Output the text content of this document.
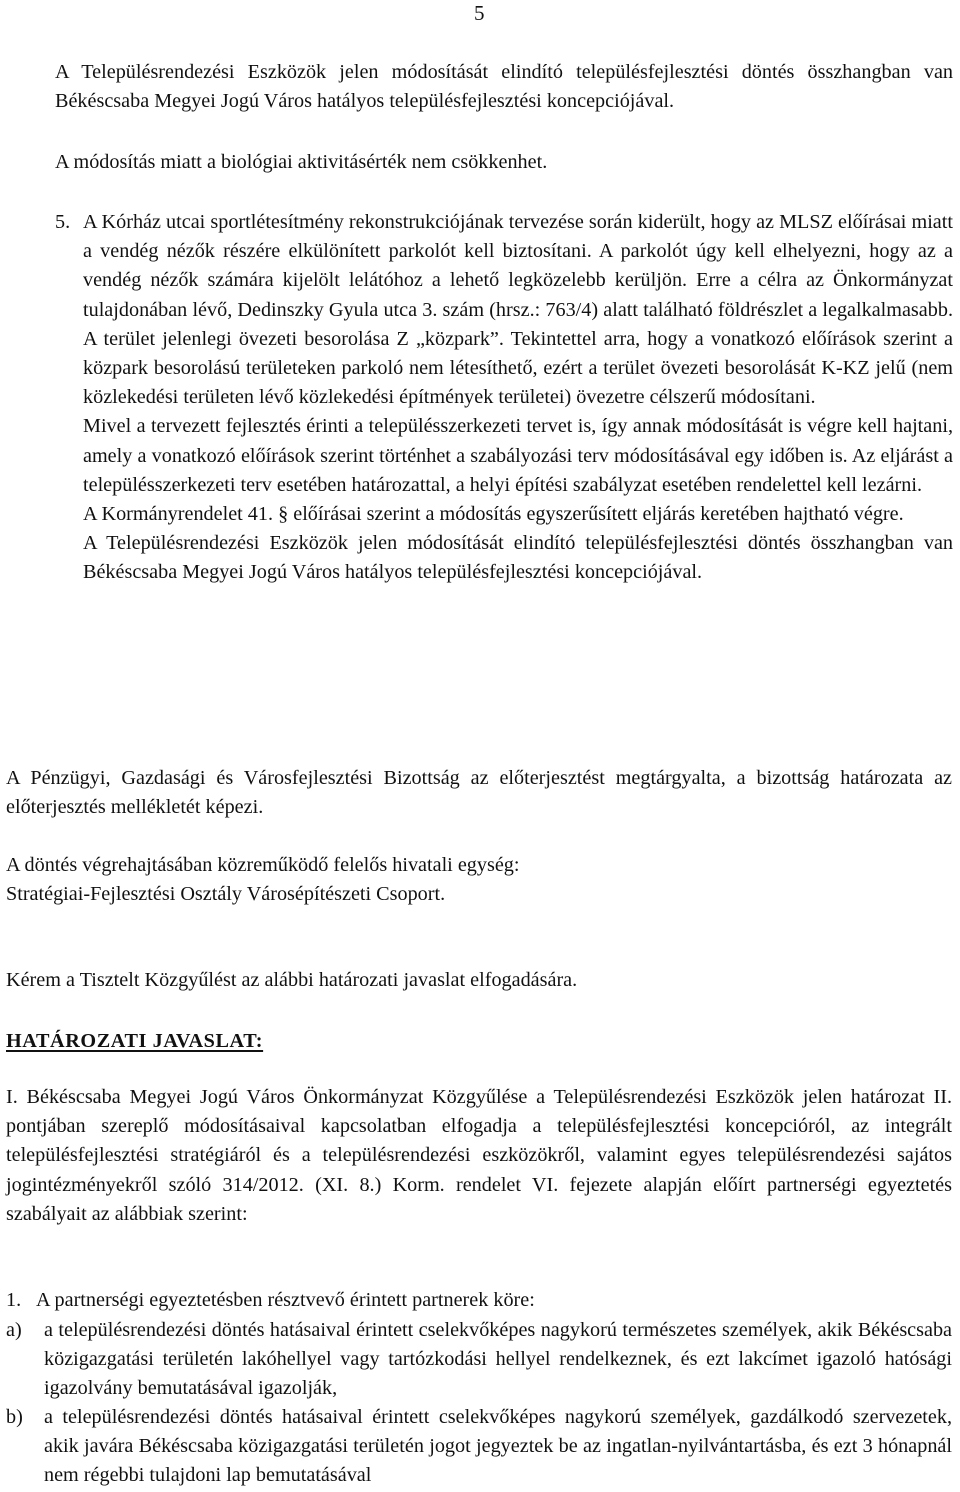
5

A Településrendezési Eszközök jelen módosítását elindító településfejlesztési döntés összhangban van Békéscsaba Megyei Jogú Város hatályos településfejlesztési koncepciójával.

A módosítás miatt a biológiai aktivitásérték nem csökkenhet.

5. A Kórház utcai sportlétesítmény rekonstrukciójának tervezése során kiderült, hogy az MLSZ előírásai miatt a vendég nézők részére elkülönített parkolót kell biztosítani. A parkolót úgy kell elhelyezni, hogy az a vendég nézők számára kijelölt lelátóhoz a lehető legközelebb kerüljön. Erre a célra az Önkormányzat tulajdonában lévő, Dedinszky Gyula utca 3. szám (hrsz.: 763/4) alatt található földrészlet a legalkalmasabb. A terület jelenlegi övezeti besorolása Z „közpark”. Tekintettel arra, hogy a vonatkozó előírások szerint a közpark besorolású területeken parkoló nem létesíthető, ezért a terület övezeti besorolását K-KZ jelű (nem közlekedési területen lévő közlekedési építmények területei) övezetre célszerű módosítani.

Mivel a tervezett fejlesztés érinti a településszerkezeti tervet is, így annak módosítását is végre kell hajtani, amely a vonatkozó előírások szerint történhet a szabályozási terv módosításával egy időben is. Az eljárást a településszerkezeti terv esetében határozattal, a helyi építési szabályzat esetében rendelettel kell lezárni.

A Kormányrendelet 41. § előírásai szerint a módosítás egyszerűsített eljárás keretében hajtható végre.

A Településrendezési Eszközök jelen módosítását elindító településfejlesztési döntés összhangban van Békéscsaba Megyei Jogú Város hatályos településfejlesztési koncepciójával.

A Pénzügyi, Gazdasági és Városfejlesztési Bizottság az előterjesztést megtárgyalta, a bizottság határozata az előterjesztés mellékletét képezi.

A döntés végrehajtásában közreműködő felelős hivatali egység:
Stratégiai-Fejlesztési Osztály Városépítészeti Csoport.

Kérem a Tisztelt Közgyűlést az alábbi határozati javaslat elfogadására.

HATÁROZATI JAVASLAT:

I. Békéscsaba Megyei Jogú Város Önkormányzat Közgyűlése a Településrendezési Eszközök jelen határozat II. pontjában szereplő módosításaival kapcsolatban elfogadja a településfejlesztési koncepcióról, az integrált településfejlesztési stratégiáról és a településrendezési eszközökről, valamint egyes településrendezési sajátos jogintézményekről szóló 314/2012. (XI. 8.) Korm. rendelet VI. fejezete alapján előírt partnerségi egyeztetés szabályait az alábbiak szerint:

1. A partnerségi egyeztetésben résztvevő érintett partnerek köre:
a) a településrendezési döntés hatásaival érintett cselekvőképes nagykorú természetes személyek, akik Békéscsaba közigazgatási területén lakóhellyel vagy tartózkodási hellyel rendelkeznek, és ezt lakcímet igazoló hatósági igazolvány bemutatásával igazolják,
b) a településrendezési döntés hatásaival érintett cselekvőképes nagykorú személyek, gazdálkodó szervezetek, akik javára Békéscsaba közigazgatási területén jogot jegyeztek be az ingatlan-nyilvántartásba, és ezt 3 hónapnál nem régebbi tulajdoni lap bemutatásával
